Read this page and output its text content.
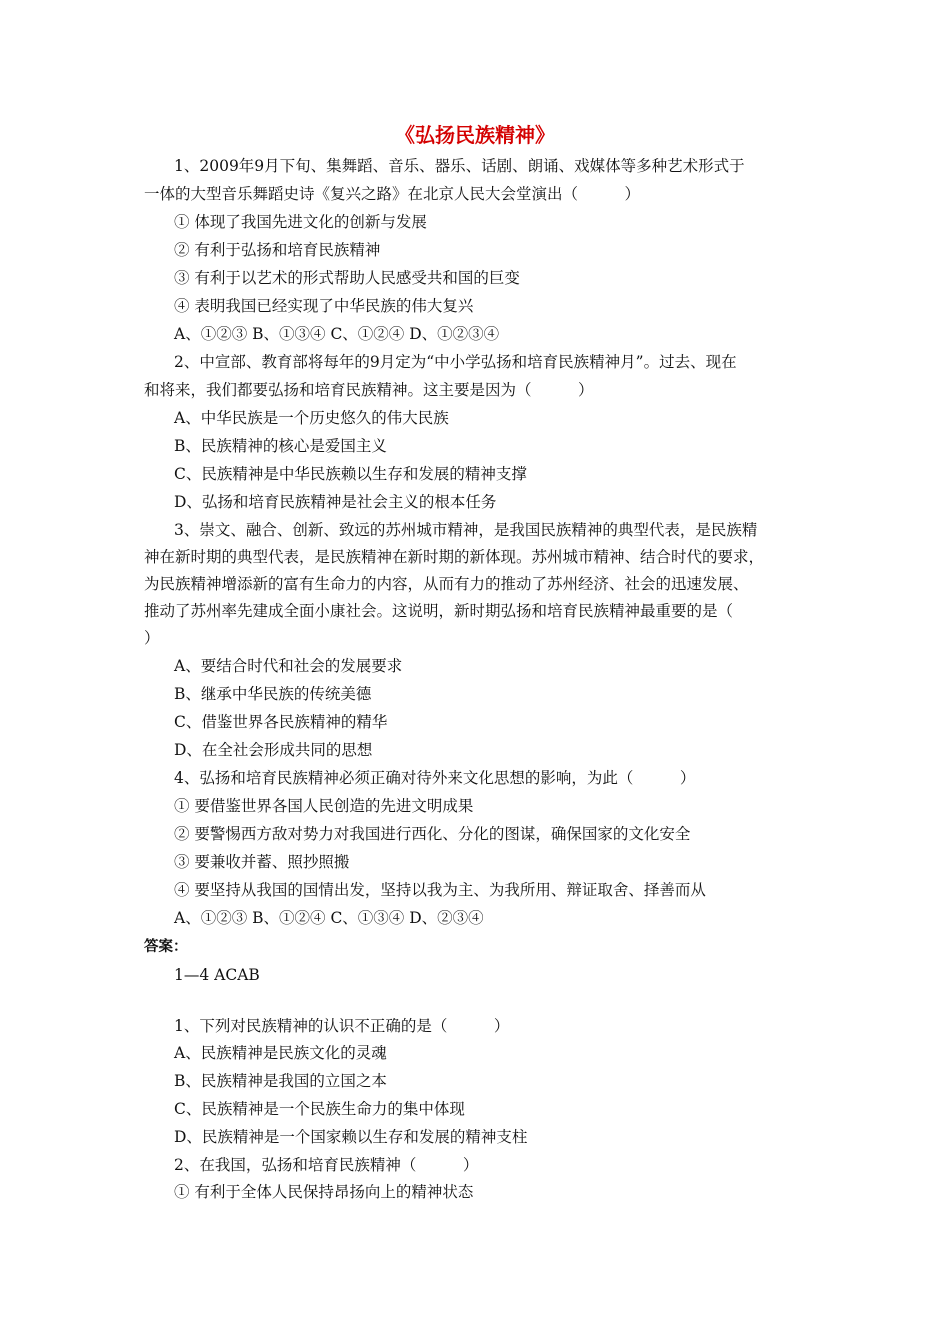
《弘扬民族精神》
1、2009年9月下旬、集舞蹈、音乐、器乐、话剧、朗诵、戏媒体等多种艺术形式于
一体的大型音乐舞蹈史诗《复兴之路》在北京人民大会堂演出（　　　）
① 体现了我国先进文化的创新与发展
② 有利于弘扬和培育民族精神
③ 有利于以艺术的形式帮助人民感受共和国的巨变
④ 表明我国已经实现了中华民族的伟大复兴
A、①②③ B、①③④ C、①②④ D、①②③④
2、中宣部、教育部将每年的9月定为“中小学弘扬和培育民族精神月”。过去、现在
和将来，我们都要弘扬和培育民族精神。这主要是因为（　　　）
A、中华民族是一个历史悠久的伟大民族
B、民族精神的核心是爱国主义
C、民族精神是中华民族赖以生存和发展的精神支撑
D、弘扬和培育民族精神是社会主义的根本任务
3、崇文、融合、创新、致远的苏州城市精神，是我国民族精神的典型代表，是民族精
神在新时期的典型代表，是民族精神在新时期的新体现。苏州城市精神、结合时代的要求，
为民族精神增添新的富有生命力的内容，从而有力的推动了苏州经济、社会的迅速发展、
推动了苏州率先建成全面小康社会。这说明，新时期弘扬和培育民族精神最重要的是（
）
A、要结合时代和社会的发展要求
B、继承中华民族的传统美德
C、借鉴世界各民族精神的精华
D、在全社会形成共同的思想
4、弘扬和培育民族精神必须正确对待外来文化思想的影响，为此（　　　）
① 要借鉴世界各国人民创造的先进文明成果
② 要警惕西方敌对势力对我国进行西化、分化的图谋，确保国家的文化安全
③ 要兼收并蓄、照抄照搬
④ 要坚持从我国的国情出发，坚持以我为主、为我所用、辩证取舍、择善而从
A、①②③ B、①②④ C、①③④ D、②③④
答案：
1—4 ACAB
1、下列对民族精神的认识不正确的是（　　　）
A、民族精神是民族文化的灵魂
B、民族精神是我国的立国之本
C、民族精神是一个民族生命力的集中体现
D、民族精神是一个国家赖以生存和发展的精神支柱
2、在我国，弘扬和培育民族精神（　　　）
① 有利于全体人民保持昂扬向上的精神状态
